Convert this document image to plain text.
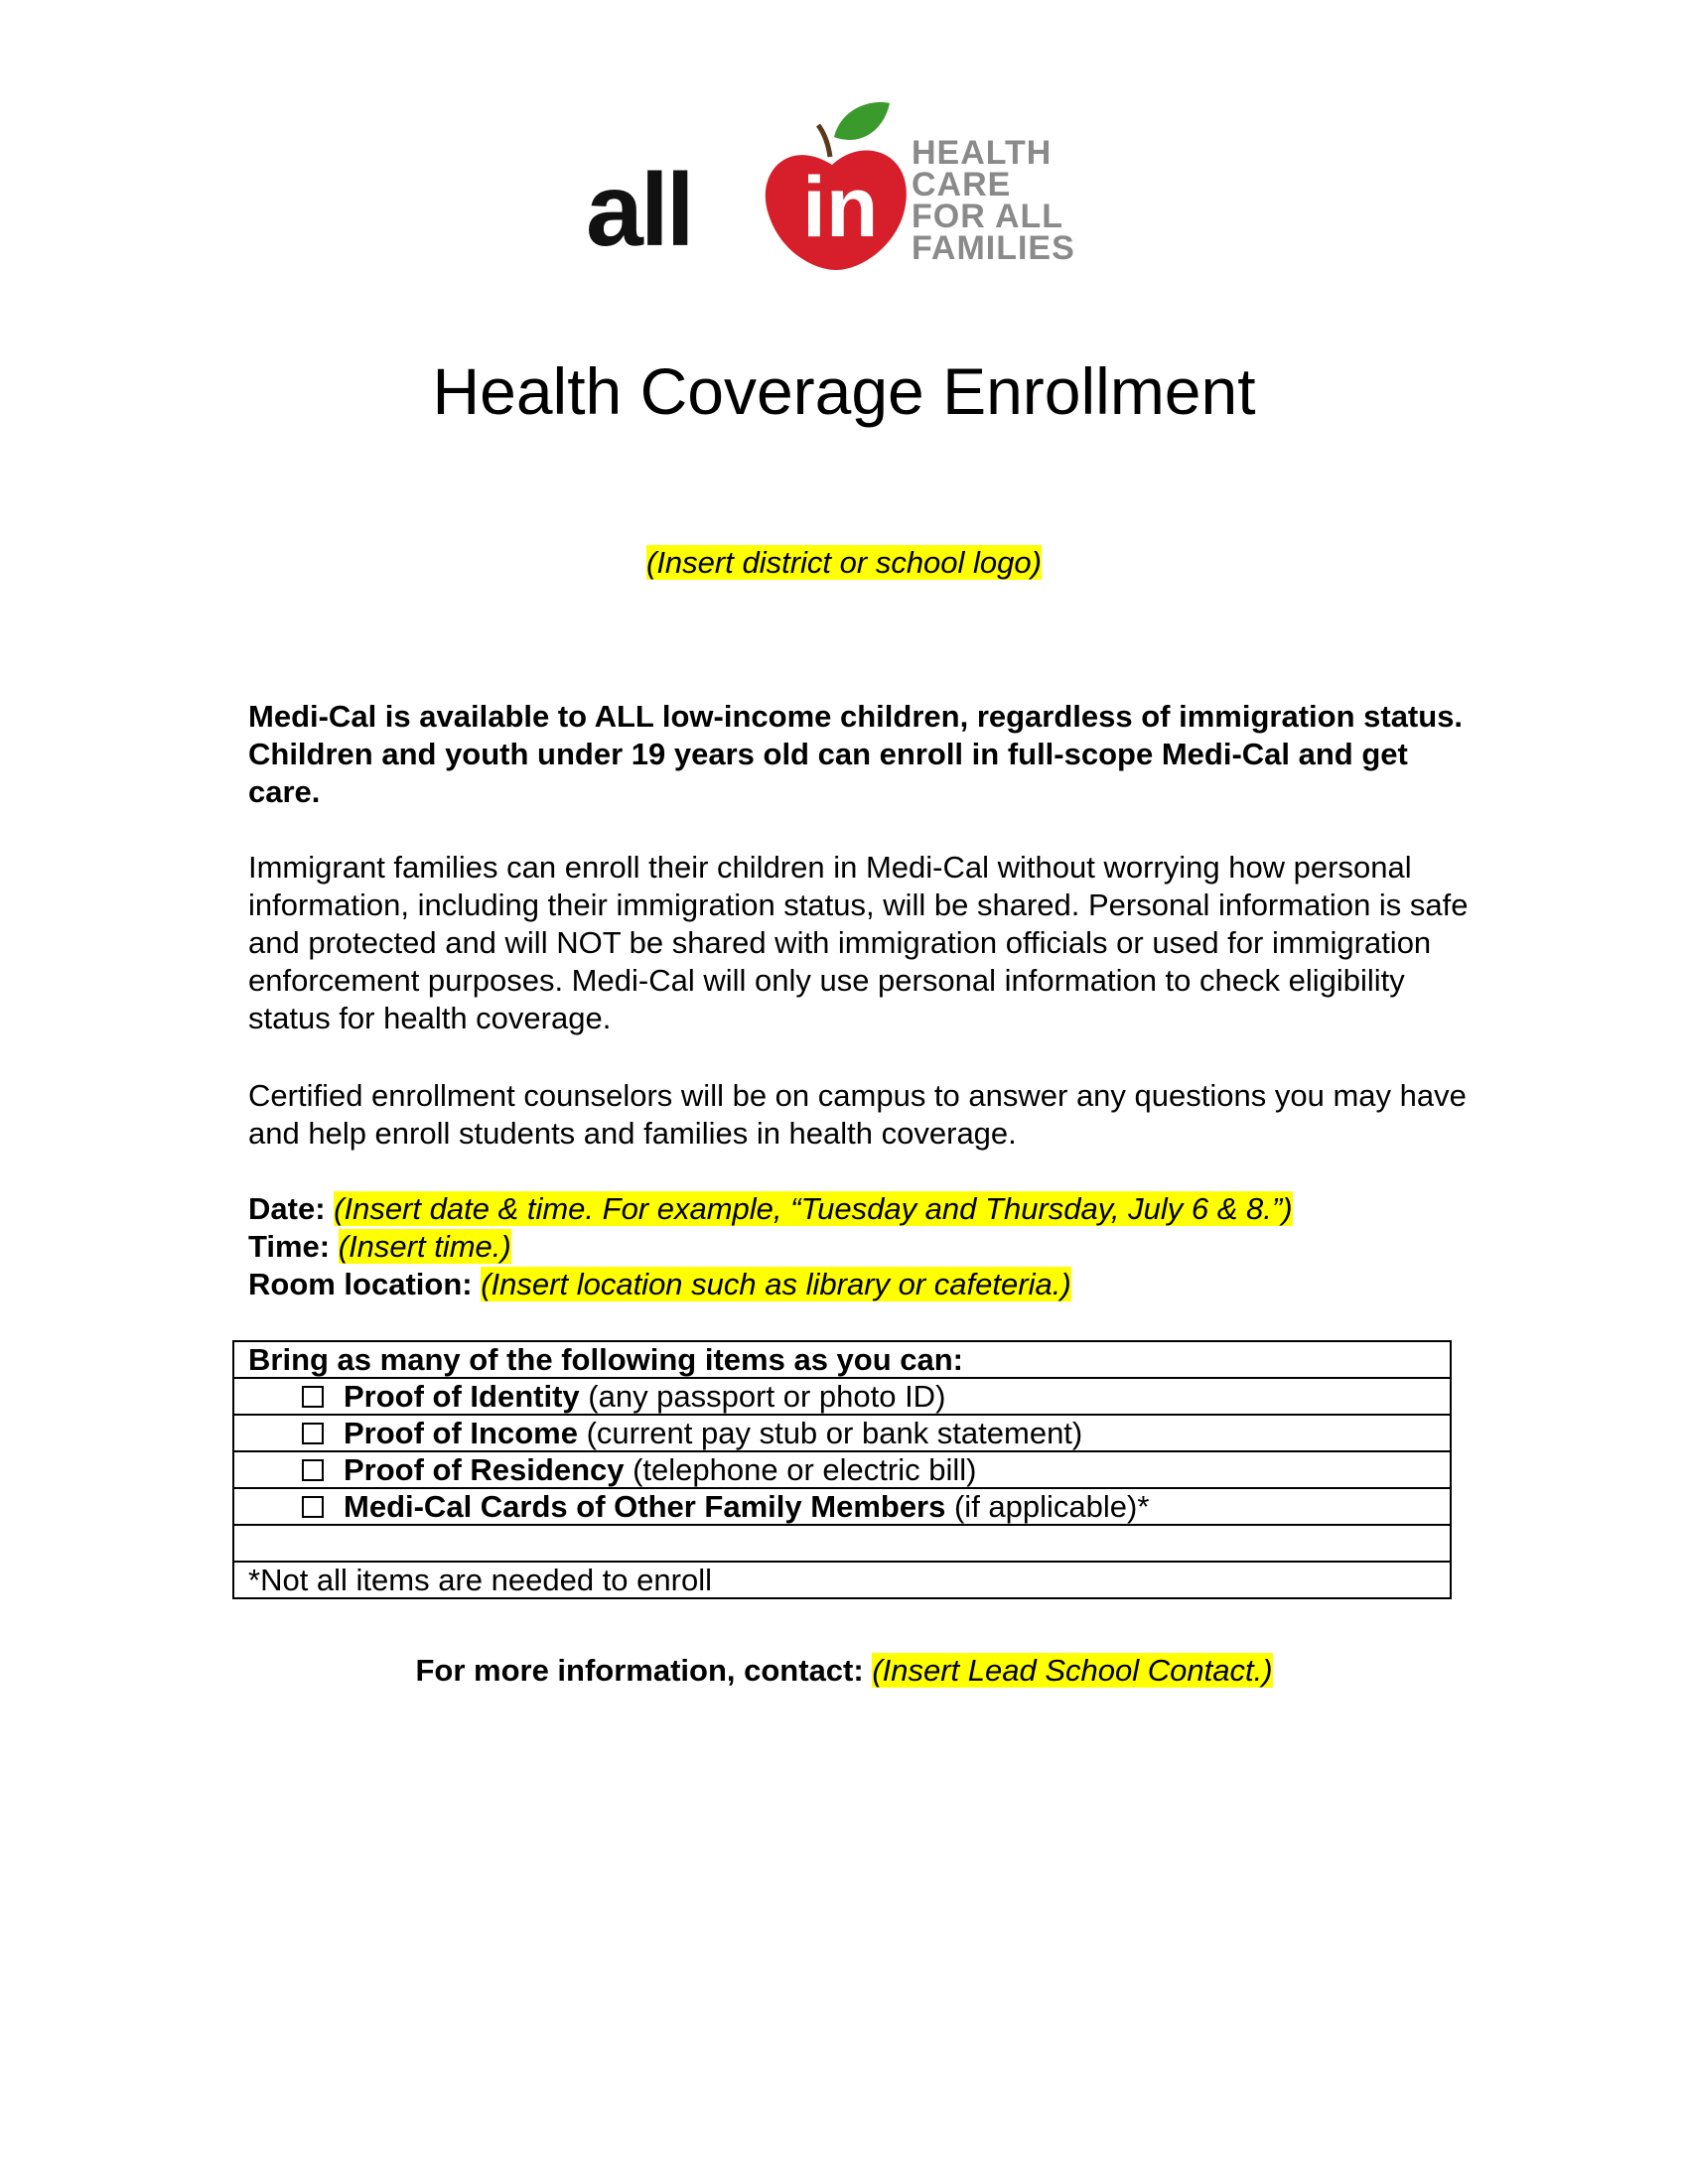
all in
HEALTH
CARE
FOR ALL
FAMILIES
Health Coverage Enrollment
(Insert district or school logo)

Medi-Cal is available to ALL low-income children, regardless of immigration status. Children and youth under 19 years old can enroll in full-scope Medi-Cal and get care.

Immigrant families can enroll their children in Medi-Cal without worrying how personal information, including their immigration status, will be shared. Personal information is safe and protected and will NOT be shared with immigration officials or used for immigration enforcement purposes. Medi-Cal will only use personal information to check eligibility status for health coverage.

Certified enrollment counselors will be on campus to answer any questions you may have and help enroll students and families in health coverage.

Date: (Insert date & time. For example, “Tuesday and Thursday, July 6 & 8.”)

Time: (Insert time.)

Room location: (Insert location such as library or cafeteria.)

Bring as many of the following items as you can:
Proof of Identity (any passport or photo ID)
Proof of Income (current pay stub or bank statement)
Proof of Residency (telephone or electric bill)
Medi-Cal Cards of Other Family Members (if applicable)*

*Not all items are needed to enroll
For more information, contact: (Insert Lead School Contact.)
